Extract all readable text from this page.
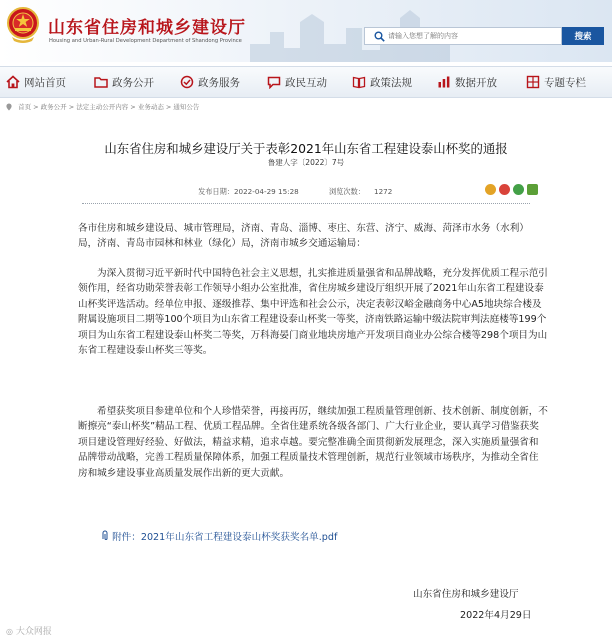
山东省住房和城乡建设厅
Housing and Urban-Rural Development Department of Shandong Province
请输入您想了解的内容	搜索
网站首页	政务公开	政务服务	政民互动	政策法规	数据开放	专题专栏
首页 > 政务公开 > 法定主动公开内容 > 业务动态 > 通知公告
山东省住房和城乡建设厅关于表彰2021年山东省工程建设泰山杯奖的通报
鲁建人字〔2022〕7号
发布日期：2022-04-29 15:28	浏览次数： 1272

各市住房和城乡建设局、城市管理局，济南、青岛、淄博、枣庄、东营、济宁、威海、菏泽市水务（水利）局，济南、青岛市园林和林业（绿化）局，济南市城乡交通运输局：

为深入贯彻习近平新时代中国特色社会主义思想，扎实推进质量强省和品牌战略，充分发挥优质工程示范引领作用，经省功勋荣誉表彰工作领导小组办公室批准，省住房城乡建设厅组织开展了2021年山东省工程建设泰山杯奖评选活动。经单位申报、逐级推荐、集中评选和社会公示，决定表彰汉峪金融商务中心A5地块综合楼及附属设施项目二期等100个项目为山东省工程建设泰山杯奖一等奖，济南铁路运输中级法院审判法庭楼等199个项目为山东省工程建设泰山杯奖二等奖，万科海晏门商业地块房地产开发项目商业办公综合楼等298个项目为山东省工程建设泰山杯奖三等奖。

希望获奖项目参建单位和个人珍惜荣誉，再接再厉，继续加强工程质量管理创新、技术创新、制度创新，不断擦亮“泰山杯奖”精品工程、优质工程品牌。全省住建系统各级各部门、广大行业企业，要认真学习借鉴获奖项目建设管理好经验、好做法，精益求精，追求卓越。要完整准确全面贯彻新发展理念，深入实施质量强省和品牌带动战略，完善工程质量保障体系，加强工程质量技术管理创新，规范行业领域市场秩序，为推动全省住房和城乡建设事业高质量发展作出新的更大贡献。

附件：2021年山东省工程建设泰山杯奖获奖名单.pdf
山东省住房和城乡建设厅
2022年4月29日
◎ 大众网报
